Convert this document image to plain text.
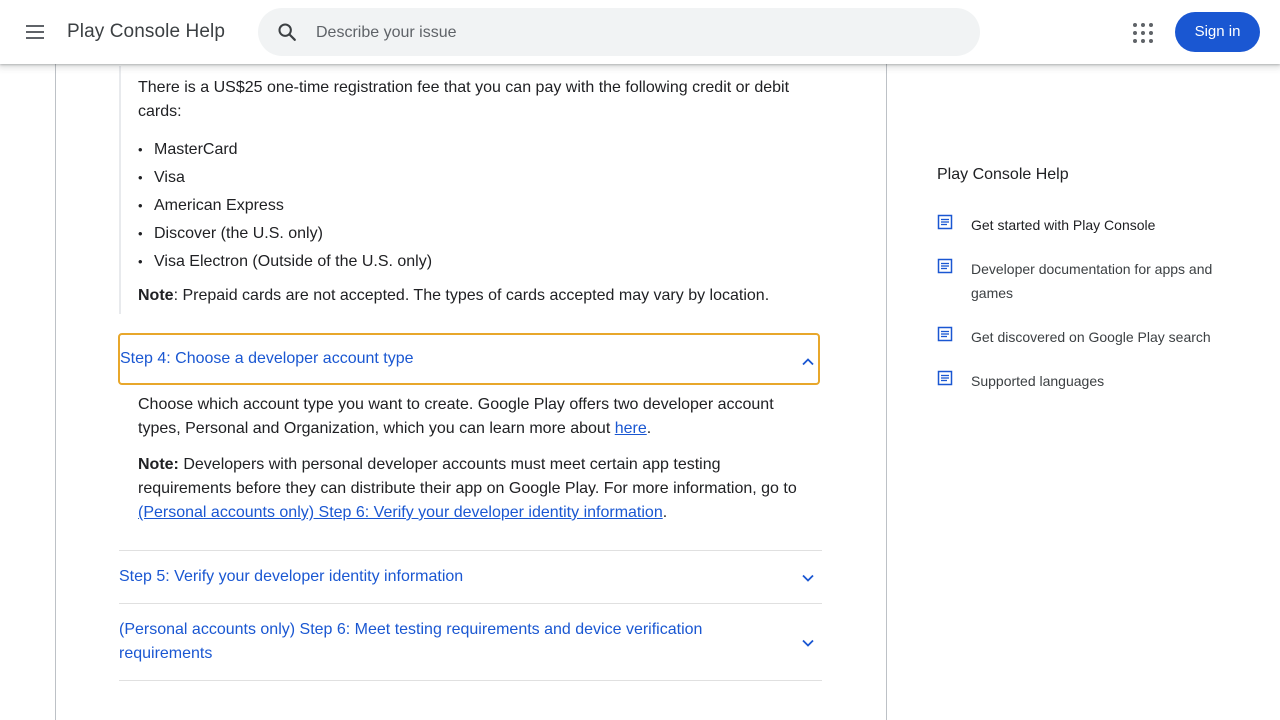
Play Console Help
Describe your issue	Sign in
There is a US$25 one-time registration fee that you can pay with the following credit or debit cards:
• MasterCard
• Visa
• American Express
• Discover (the U.S. only)
• Visa Electron (Outside of the U.S. only)
Note: Prepaid cards are not accepted. The types of cards accepted may vary by location.
Step 4: Choose a developer account type
Choose which account type you want to create. Google Play offers two developer account types, Personal and Organization, which you can learn more about here.
Note: Developers with personal developer accounts must meet certain app testing requirements before they can distribute their app on Google Play. For more information, go to (Personal accounts only) Step 6: Verify your developer identity information.
Step 5: Verify your developer identity information
(Personal accounts only) Step 6: Meet testing requirements and device verification requirements
Play Console Help
Get started with Play Console
Developer documentation for apps and games
Get discovered on Google Play search
Supported languages
